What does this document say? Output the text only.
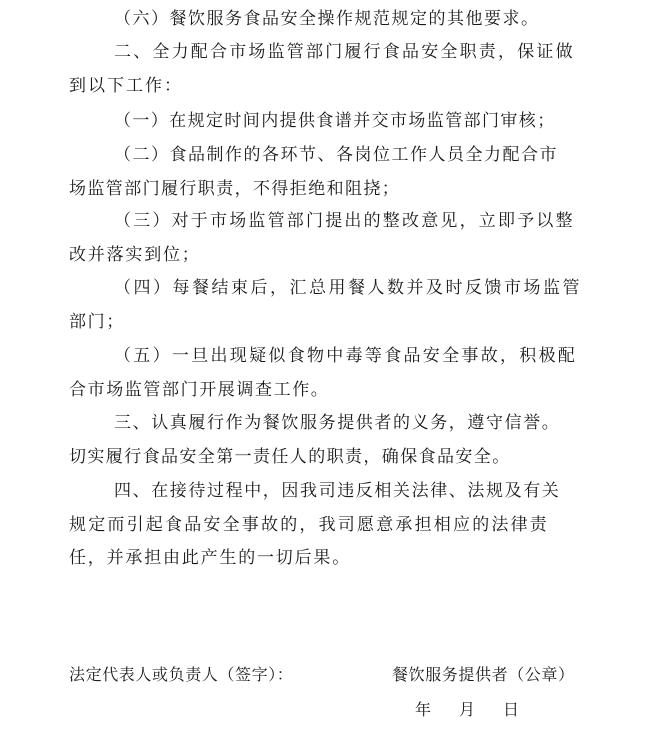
（六）餐饮服务食品安全操作规范规定的其他要求。
二、全力配合市场监管部门履行食品安全职责，保证做
到以下工作：
（一）在规定时间内提供食谱并交市场监管部门审核；
（二）食品制作的各环节、各岗位工作人员全力配合市
场监管部门履行职责，不得拒绝和阻挠；
（三）对于市场监管部门提出的整改意见，立即予以整
改并落实到位；
（四）每餐结束后，汇总用餐人数并及时反馈市场监管
部门；
（五）一旦出现疑似食物中毒等食品安全事故，积极配
合市场监管部门开展调查工作。
三、认真履行作为餐饮服务提供者的义务，遵守信誉。
切实履行食品安全第一责任人的职责，确保食品安全。
四、在接待过程中，因我司违反相关法律、法规及有关
规定而引起食品安全事故的，我司愿意承担相应的法律责
任，并承担由此产生的一切后果。
法定代表人或负责人（签字）：	餐饮服务提供者（公章）
年 月 日
